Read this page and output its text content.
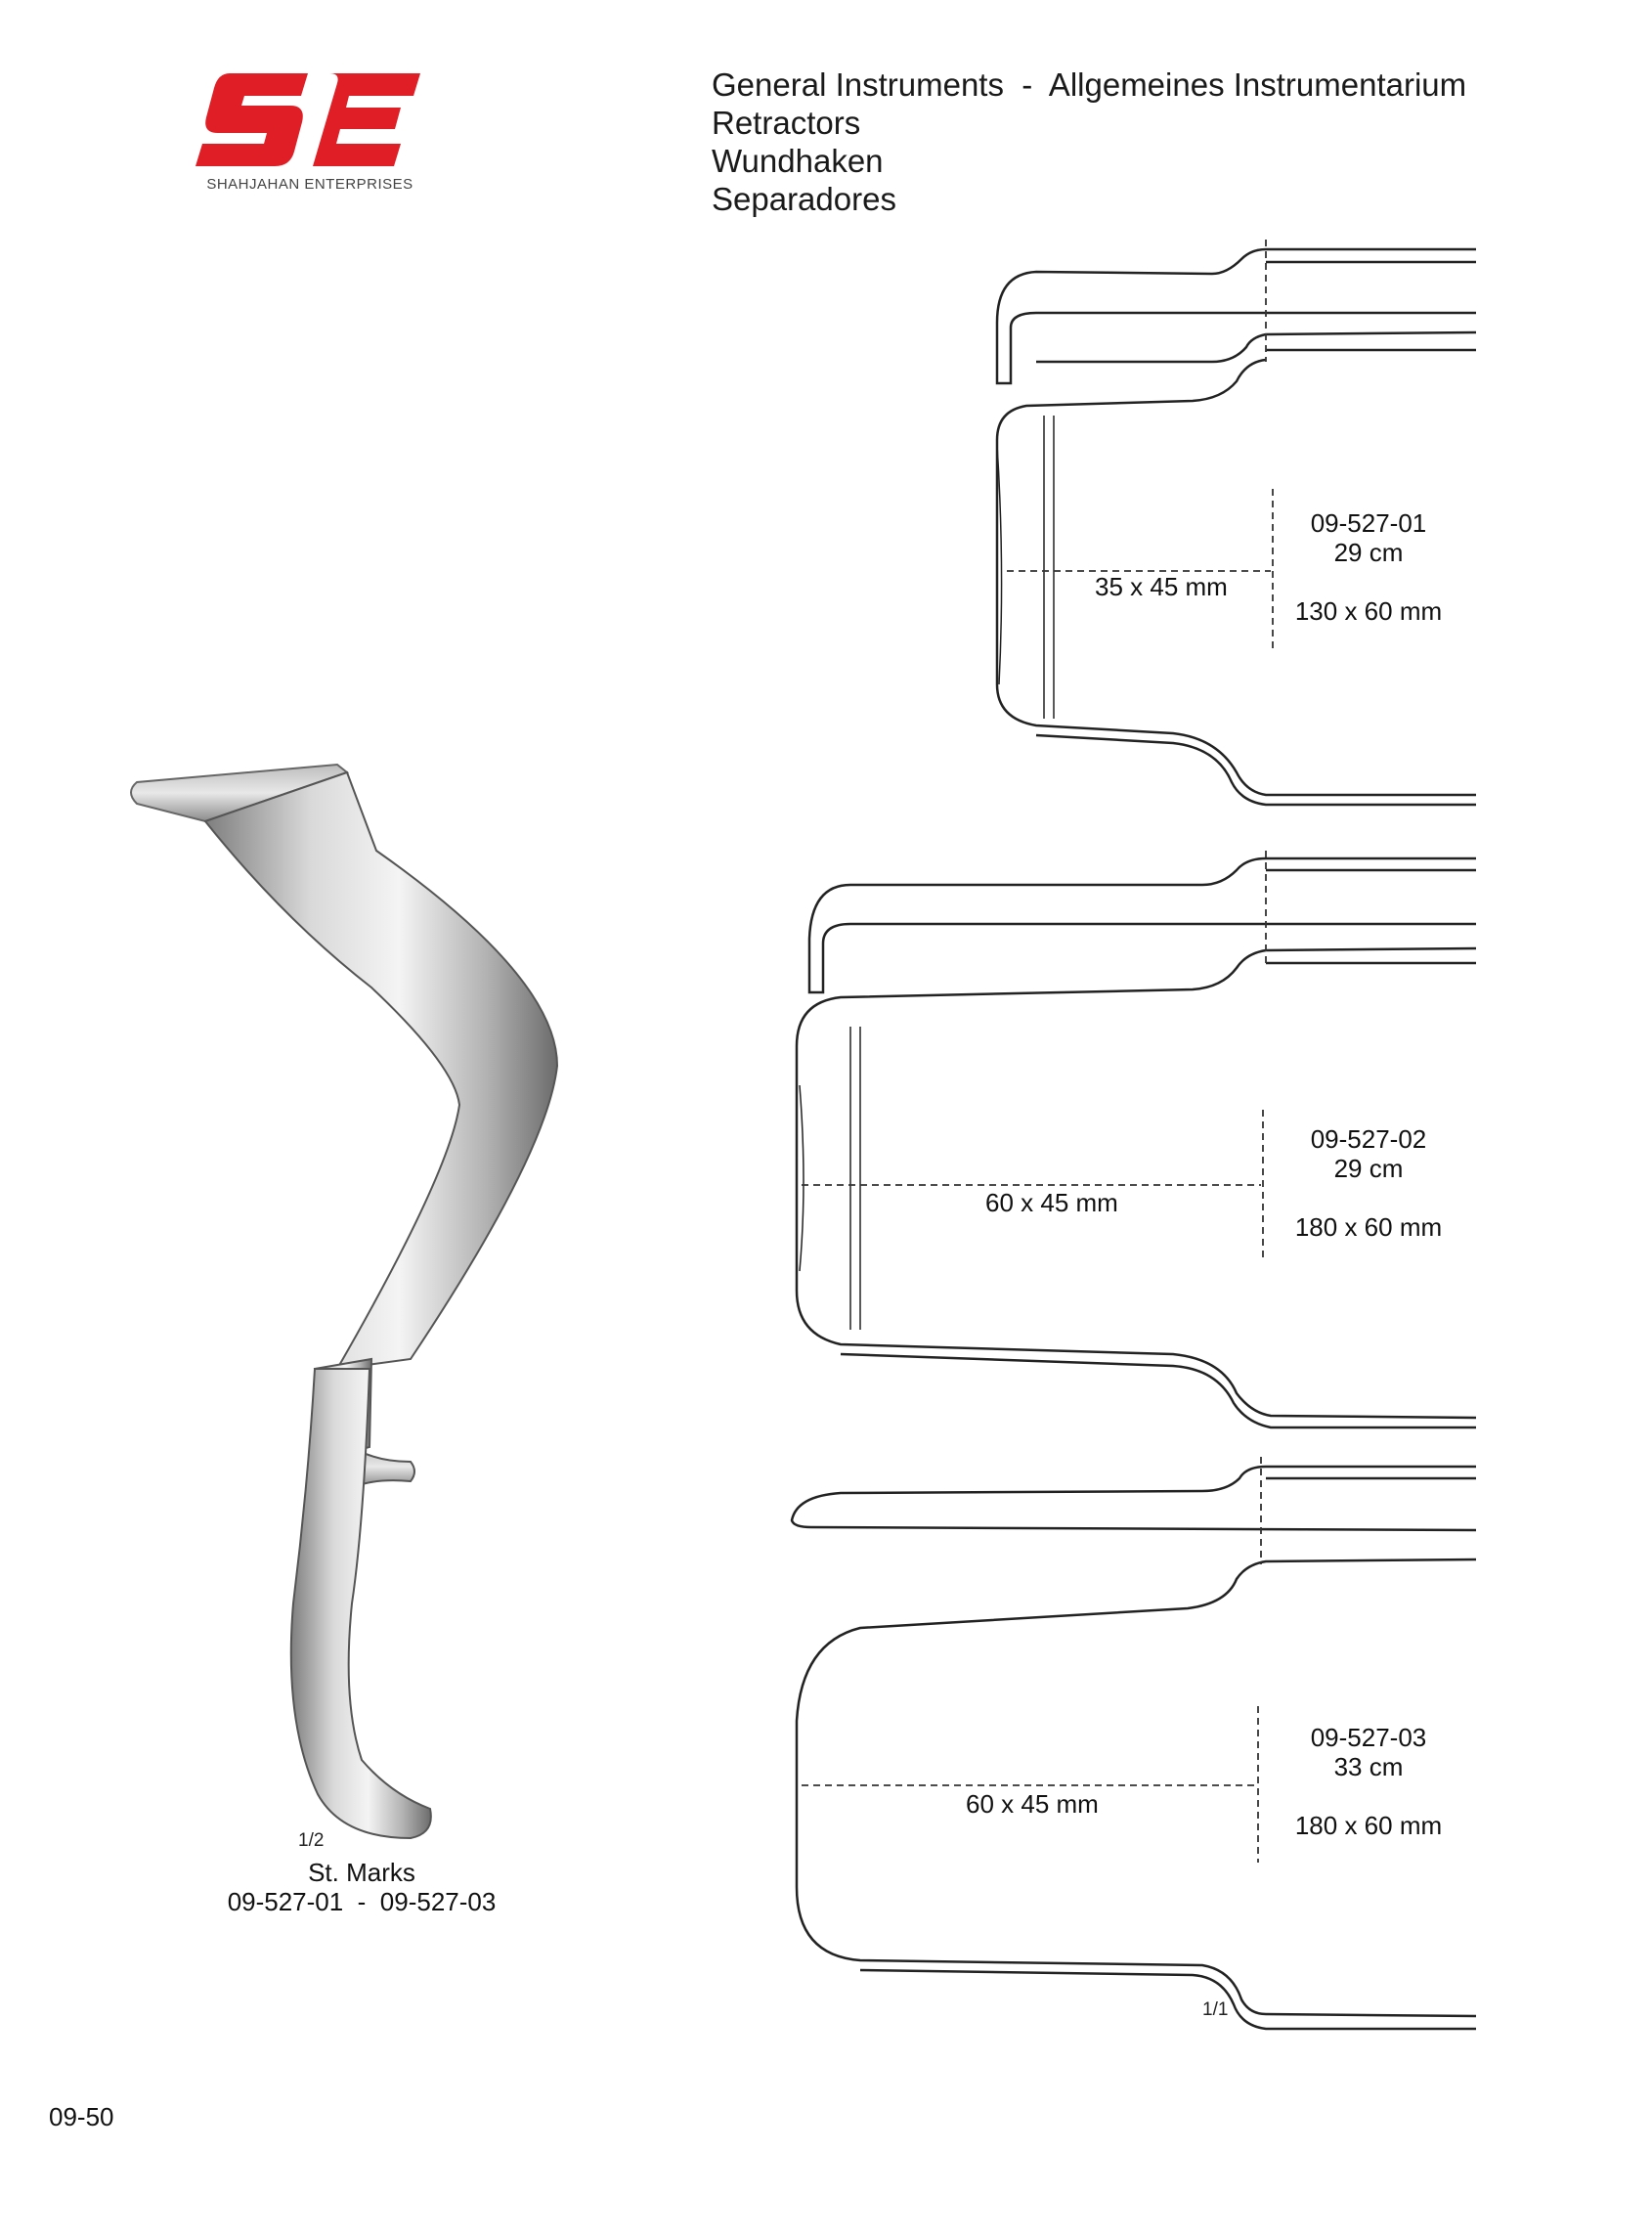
SHAHJAHAN ENTERPRISES
General Instruments  -  Allgemeines Instrumentarium
Retractors
Wundhaken
Separadores
1/2
St. Marks
09-527-01  -  09-527-03
35 x 45 mm
09-527-01
29 cm
130 x 60 mm
60 x 45 mm
09-527-02
29 cm
180 x 60 mm
60 x 45 mm
09-527-03
33 cm
180 x 60 mm
1/1
09-50
